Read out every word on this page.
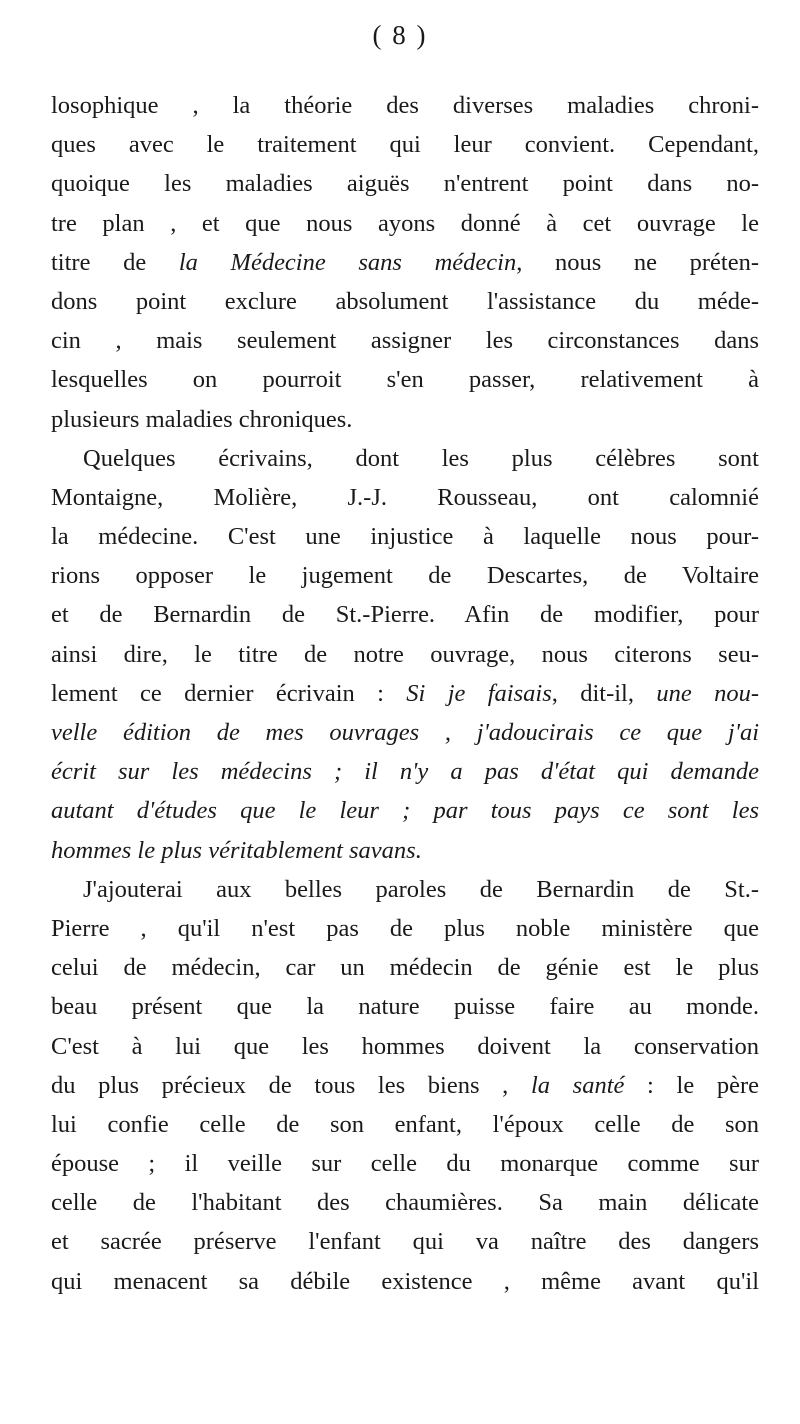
( 8 )
losophique , la théorie des diverses maladies chroni-
ques avec le traitement qui leur convient. Cependant,
quoique les maladies aiguës n'entrent point dans no-
tre plan , et que nous ayons donné à cet ouvrage le
titre de la Médecine sans médecin, nous ne préten-
dons point exclure absolument l'assistance du méde-
cin , mais seulement assigner les circonstances dans
lesquelles on pourroit s'en passer, relativement à
plusieurs maladies chroniques.
Quelques écrivains, dont les plus célèbres sont
Montaigne, Molière, J.-J. Rousseau, ont calomnié
la médecine. C'est une injustice à laquelle nous pour-
rions opposer le jugement de Descartes, de Voltaire
et de Bernardin de St.-Pierre. Afin de modifier, pour
ainsi dire, le titre de notre ouvrage, nous citerons seu-
lement ce dernier écrivain : Si je faisais, dit-il, une nou-
velle édition de mes ouvrages , j'adoucirais ce que j'ai
écrit sur les médecins ; il n'y a pas d'état qui demande
autant d'études que le leur ; par tous pays ce sont les
hommes le plus véritablement savans.
J'ajouterai aux belles paroles de Bernardin de St.-
Pierre , qu'il n'est pas de plus noble ministère que
celui de médecin, car un médecin de génie est le plus
beau présent que la nature puisse faire au monde.
C'est à lui que les hommes doivent la conservation
du plus précieux de tous les biens , la santé : le père
lui confie celle de son enfant, l'époux celle de son
épouse ; il veille sur celle du monarque comme sur
celle de l'habitant des chaumières. Sa main délicate
et sacrée préserve l'enfant qui va naître des dangers
qui menacent sa débile existence , même avant qu'il
